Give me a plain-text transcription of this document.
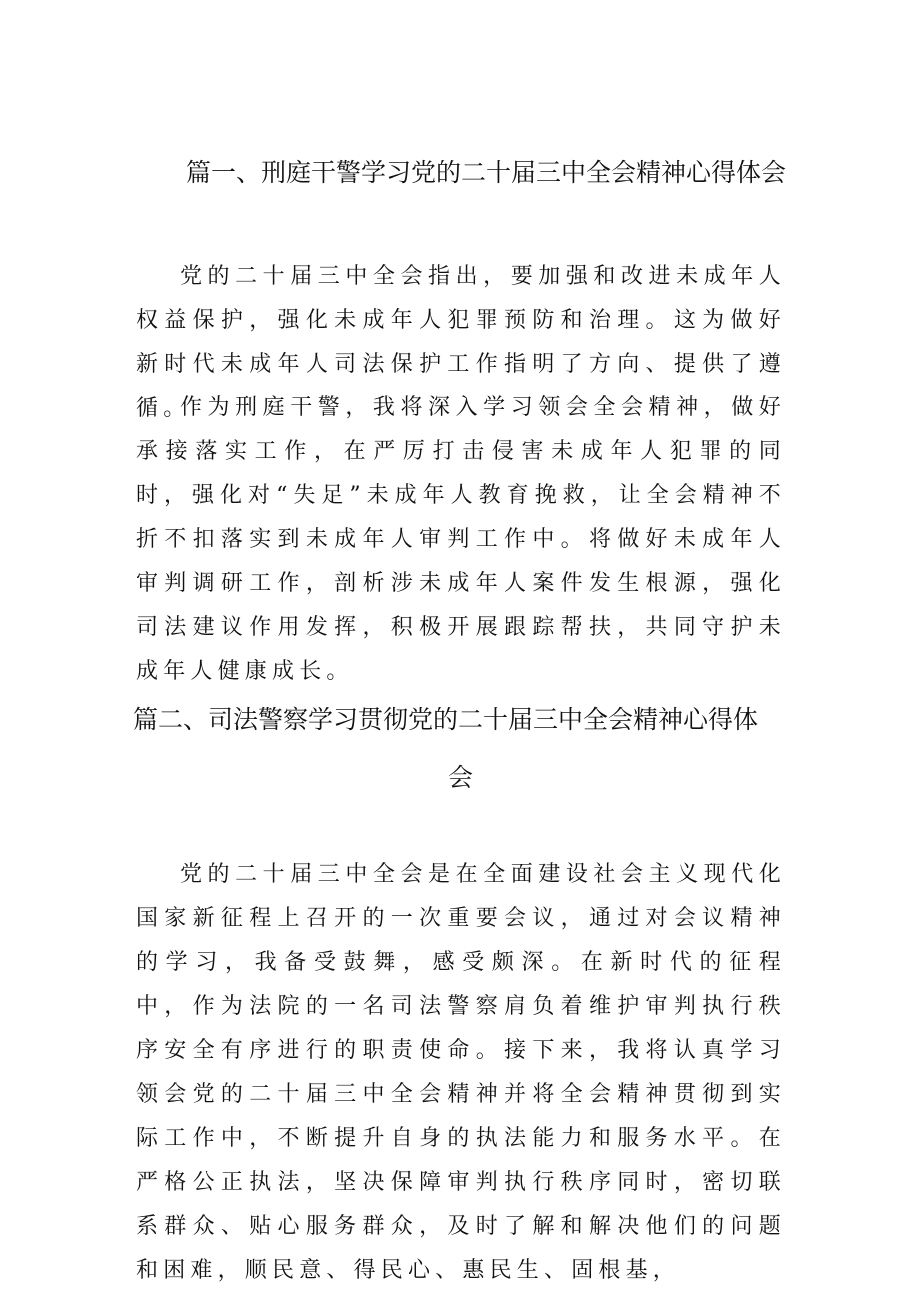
篇一、刑庭干警学习党的二十届三中全会精神心得体会

党的二十届三中全会指出，要加强和改进未成年人权益保护，强化未成年人犯罪预防和治理。这为做好新时代未成年人司法保护工作指明了方向、提供了遵循。

作为刑庭干警，我将深入学习领会全会精神，做好承接落实工作，在严厉打击侵害未成年人犯罪的同时，强化对“失足”未成年人教育挽救，让全会精神不折不扣落实到未成年人审判工作中。将做好未成年人审判调研工作，剖析涉未成年人案件发生根源，强化司法建议作用发挥，积极开展跟踪帮扶，共同守护未成年人健康成长。

篇二、司法警察学习贯彻党的二十届三中全会精神心得体
会

党的二十届三中全会是在全面建设社会主义现代化国家新征程上召开的一次重要会议，通过对会议精神的学习，我备受鼓舞，感受颇深。在新时代的征程中，作为法院的一名司法警察肩负着维护审判执行秩序安全有序进行的职责使命。接下来，我将认真学习领会党的二十届三中全会精神并将全会精神贯彻到实际工作中，不断提升自身的执法能力和服务水平。在严格公正执法，坚决保障审判执行秩序同时，密切联系群众、贴心服务群众，及时了解和解决他们的问题和困难，顺民意、得民心、惠民生、固根基，
